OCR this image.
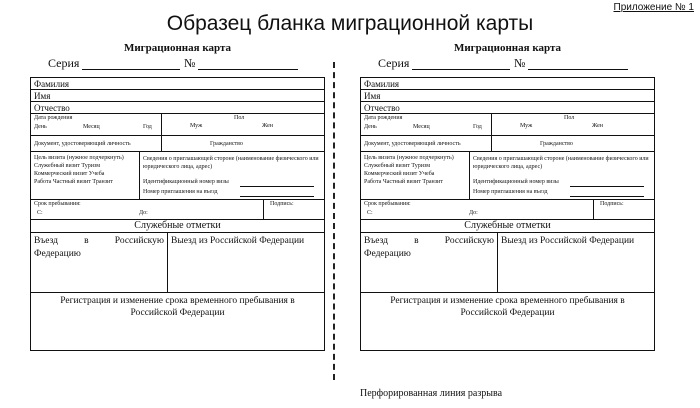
Приложение № 1
Образец бланка миграционной карты
Перфорированная линия разрыва
Миграционная карта
Серия	№
Фамилия
Имя
Отчество
Дата рождения
День	Месяц	Год
Пол
Муж	Жен
Документ, удостоверяющий личность	Гражданство
Цель визита (нужное подчеркнуть)
Служебный визит Туризм
Коммерческий визит Учеба
Работа Частный визит Транзит
Сведения о приглашающей стороне (наименование физического или юридического лица, адрес)
Идентификационный номер визы
Номер приглашения на въезд
Срок пребывания:
С:	До:
Подпись:
Служебные отметки
Въезд в Российскую Федерацию
Выезд из Российской Федерации
Регистрация и изменение срока временного пребывания в Российской Федерации
Миграционная карта
Серия	№
Фамилия
Имя
Отчество
Дата рождения
День	Месяц	Год
Пол
Муж	Жен
Документ, удостоверяющий личность	Гражданство
Цель визита (нужное подчеркнуть)
Служебный визит Туризм
Коммерческий визит Учеба
Работа Частный визит Транзит
Сведения о приглашающей стороне (наименование физического или юридического лица, адрес)
Идентификационный номер визы
Номер приглашения на въезд
Срок пребывания:
С:	До:
Подпись:
Служебные отметки
Въезд в Российскую Федерацию
Выезд из Российской Федерации
Регистрация и изменение срока временного пребывания в Российской Федерации
